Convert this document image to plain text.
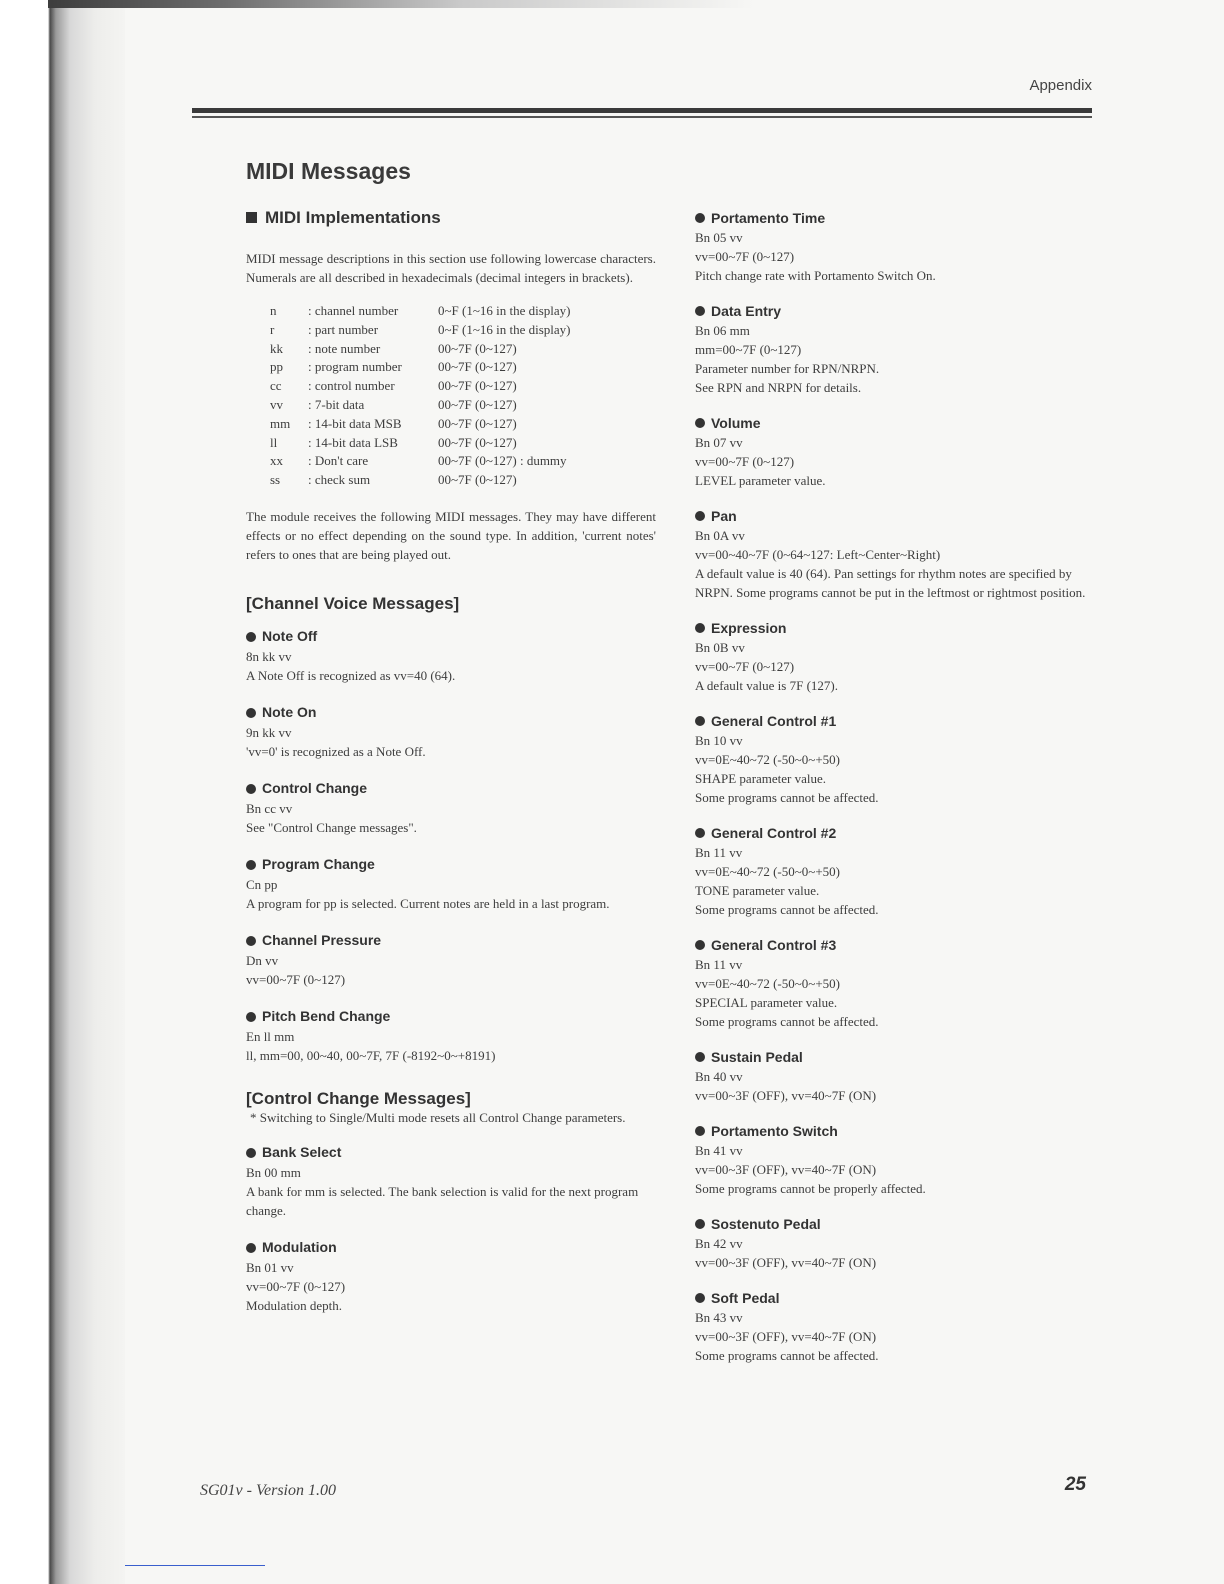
Appendix
MIDI Messages
MIDI Implementations

MIDI message descriptions in this section use following lowercase characters. Numerals are all described in hexadecimals (decimal integers in brackets).

n	: channel number	0~F (1~16 in the display)
r	: part number	0~F (1~16 in the display)
kk	: note number	00~7F (0~127)
pp	: program number	00~7F (0~127)
cc	: control number	00~7F (0~127)
vv	: 7-bit data	00~7F (0~127)
mm	: 14-bit data MSB	00~7F (0~127)
ll	: 14-bit data LSB	00~7F (0~127)
xx	: Don't care	00~7F (0~127) : dummy
ss	: check sum	00~7F (0~127)

The module receives the following MIDI messages. They may have different effects or no effect depending on the sound type. In addition, 'current notes' refers to ones that are being played out.

[Channel Voice Messages]
Note Off
8n kk vv
A Note Off is recognized as vv=40 (64).
Note On
9n kk vv
'vv=0' is recognized as a Note Off.
Control Change
Bn cc vv
See "Control Change messages".
Program Change
Cn pp
A program for pp is selected. Current notes are held in a last program.
Channel Pressure
Dn vv
vv=00~7F (0~127)
Pitch Bend Change
En ll mm
ll, mm=00, 00~40, 00~7F, 7F (-8192~0~+8191)
[Control Change Messages]

* Switching to Single/Multi mode resets all Control Change parameters.

Bank Select
Bn 00 mm
A bank for mm is selected. The bank selection is valid for the next program change.
Modulation
Bn 01 vv
vv=00~7F (0~127)
Modulation depth.
Portamento Time
Bn 05 vv
vv=00~7F (0~127)
Pitch change rate with Portamento Switch On.
Data Entry
Bn 06 mm
mm=00~7F (0~127)
Parameter number for RPN/NRPN.
See RPN and NRPN for details.
Volume
Bn 07 vv
vv=00~7F (0~127)
LEVEL parameter value.
Pan
Bn 0A vv
vv=00~40~7F (0~64~127: Left~Center~Right)
A default value is 40 (64). Pan settings for rhythm notes are specified by NRPN. Some programs cannot be put in the leftmost or rightmost position.
Expression
Bn 0B vv
vv=00~7F (0~127)
A default value is 7F (127).
General Control #1
Bn 10 vv
vv=0E~40~72 (-50~0~+50)
SHAPE parameter value.
Some programs cannot be affected.
General Control #2
Bn 11 vv
vv=0E~40~72 (-50~0~+50)
TONE parameter value.
Some programs cannot be affected.
General Control #3
Bn 11 vv
vv=0E~40~72 (-50~0~+50)
SPECIAL parameter value.
Some programs cannot be affected.
Sustain Pedal
Bn 40 vv
vv=00~3F (OFF), vv=40~7F (ON)
Portamento Switch
Bn 41 vv
vv=00~3F (OFF), vv=40~7F (ON)
Some programs cannot be properly affected.
Sostenuto Pedal
Bn 42 vv
vv=00~3F (OFF), vv=40~7F (ON)
Soft Pedal
Bn 43 vv
vv=00~3F (OFF), vv=40~7F (ON)
Some programs cannot be affected.
SG01v - Version 1.00	25
